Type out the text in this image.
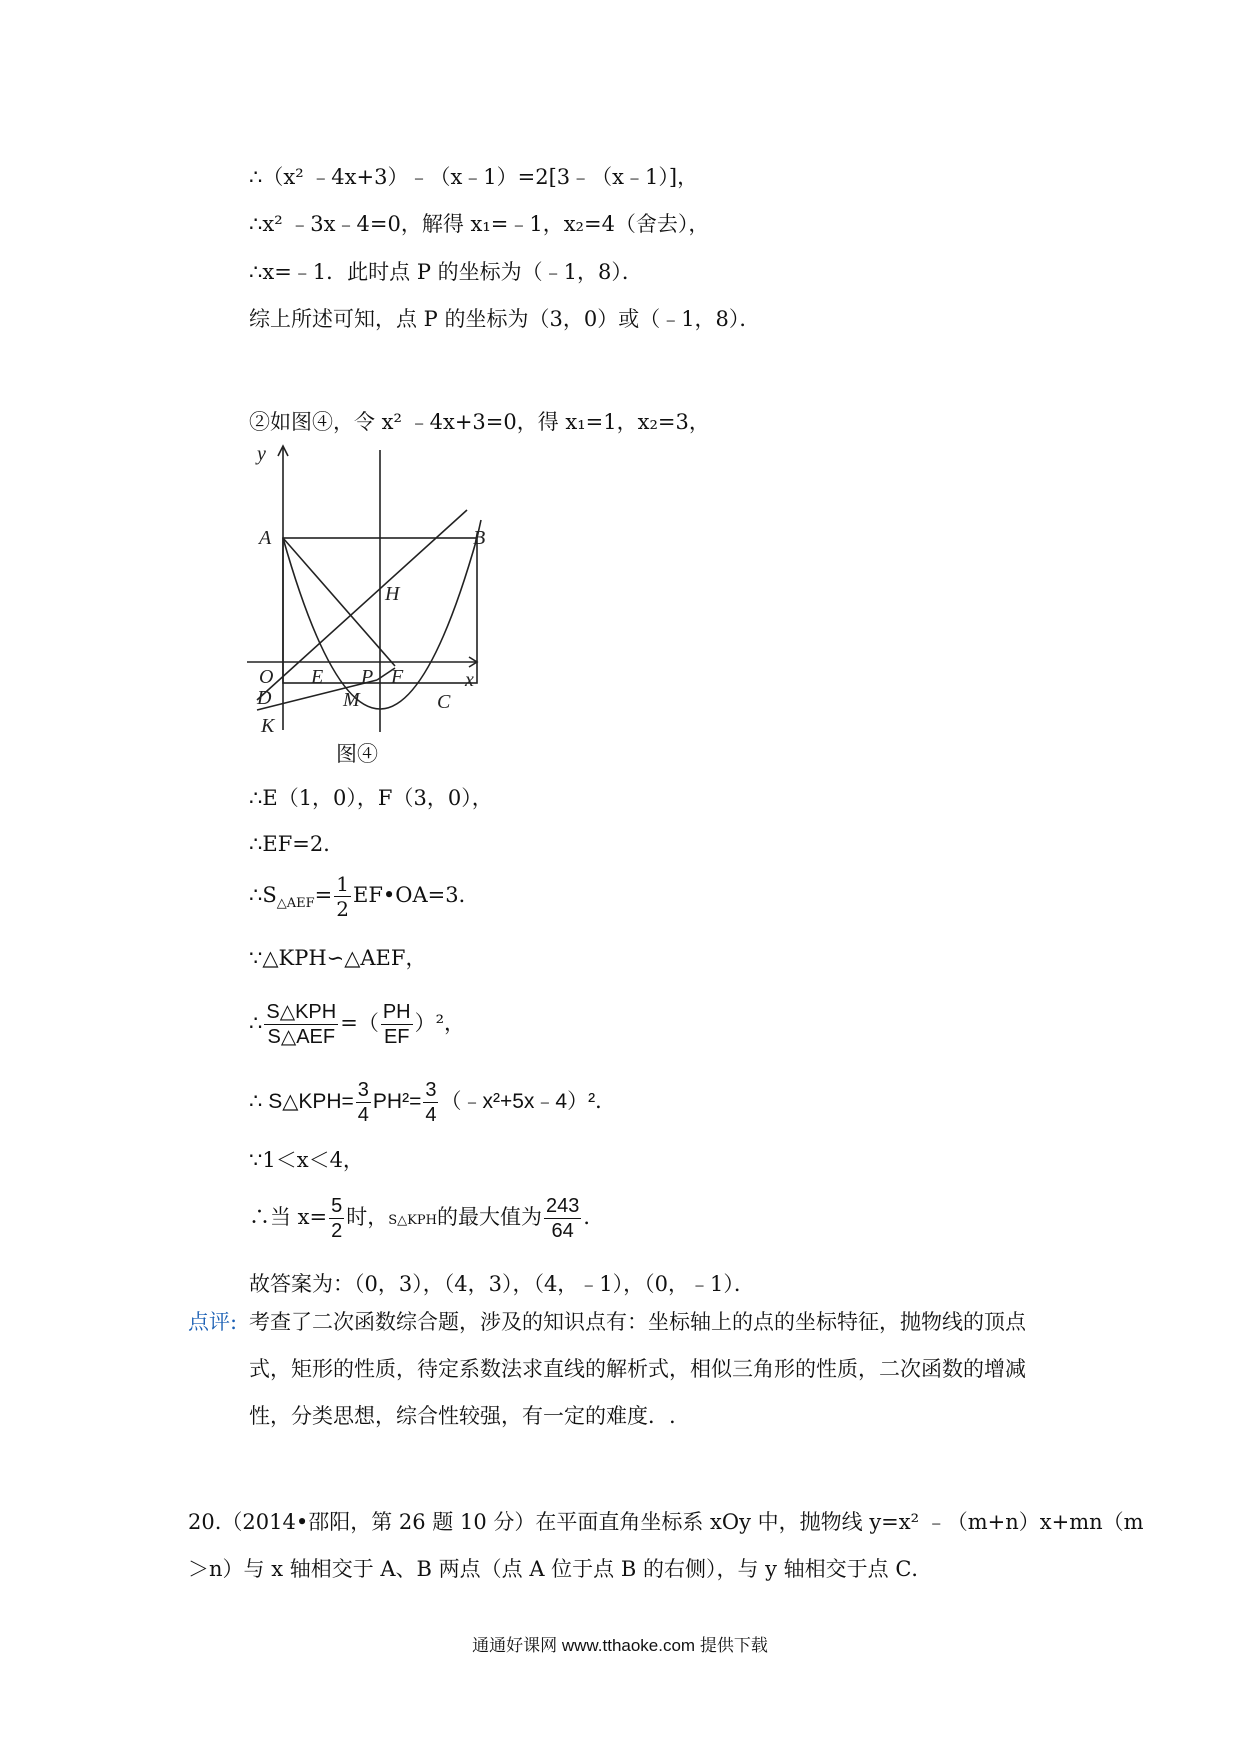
∴（x² ﹣4x+3）﹣（x﹣1）=2[3﹣（x﹣1）]，
∴x² ﹣3x﹣4=0，解得 x₁=﹣1，x₂=4（舍去），
∴x=﹣1．此时点 P 的坐标为（﹣1，8）．
综上所述可知，点 P 的坐标为（3，0）或（﹣1，8）．
②如图④，令 x² ﹣4x+3=0，得 x₁=1，x₂=3，
y
x
A	B
H
O E P F
D	M	C
K
图④
∴E（1，0），F（3，0），
∴EF=2．
$\therefore S_{\triangle AEF}= \frac{1}{2}$ EF•OA=3．
∵△KPH∽△AEF，
∴ $\frac{\text{S△KPH}}{\text{S△AEF}}$ =（ $\frac{PH}{EF} )^2$，
∴ S△KPH= $\frac{3}{4} PH^2= \frac{3}{4}$ （﹣x²+5x﹣4）²．
∵1＜x＜4，
∴当 $x= \frac{5}{2}$ 时，S△KPH的最大值为 $\frac{243}{64}$ ．
故答案为：（0，3），（4，3），（4，﹣1），（0，﹣1）．
点评: 考查了二次函数综合题，涉及的知识点有：坐标轴上的点的坐标特征，抛物线的顶点
式，矩形的性质，待定系数法求直线的解析式，相似三角形的性质，二次函数的增减
性，分类思想，综合性较强，有一定的难度．.
20.（2014•邵阳，第 26 题 10 分）在平面直角坐标系 xOy 中，抛物线 y=x² ﹣（m+n）x+mn（m
＞n）与 x 轴相交于 A、B 两点（点 A 位于点 B 的右侧），与 y 轴相交于点 C．
通通好课网 www.tthaoke.com 提供下载
